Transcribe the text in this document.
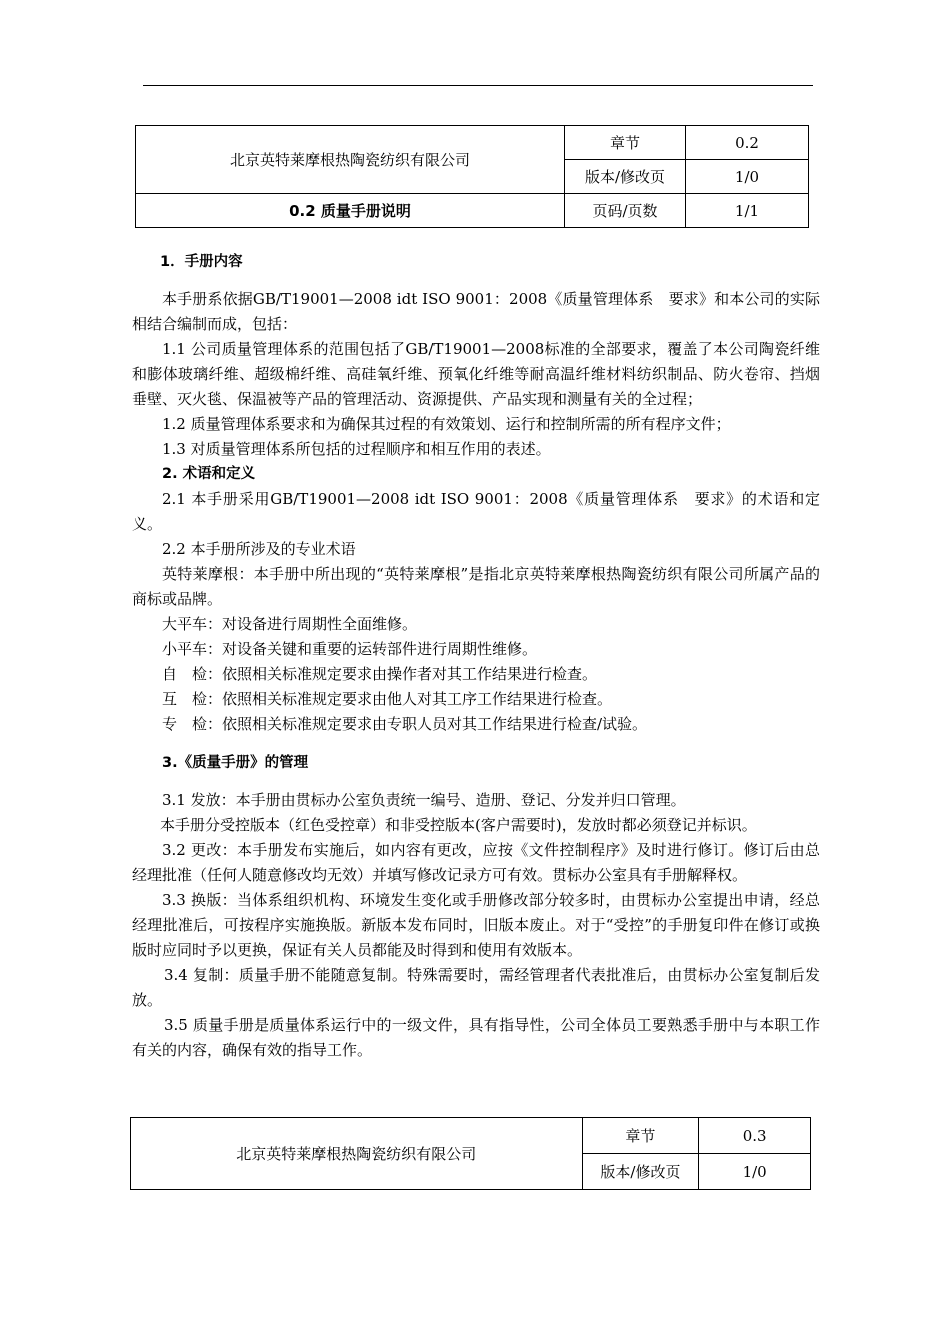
北京英特莱摩根热陶瓷纺织有限公司	章节	0.2
	版本/修改页	1/0
0.2 质量手册说明	页码/页数	1/1

1．手册内容

本手册系依据GB/T19001—2008 idt ISO 9001：2008《质量管理体系　要求》和本公司的实际相结合编制而成，包括：

1.1 公司质量管理体系的范围包括了GB/T19001—2008标准的全部要求，覆盖了本公司陶瓷纤维和膨体玻璃纤维、超级棉纤维、高硅氧纤维、预氧化纤维等耐高温纤维材料纺织制品、防火卷帘、挡烟垂壁、灭火毯、保温被等产品的管理活动、资源提供、产品实现和测量有关的全过程；

1.2 质量管理体系要求和为确保其过程的有效策划、运行和控制所需的所有程序文件；

1.3 对质量管理体系所包括的过程顺序和相互作用的表述。

2. 术语和定义

2.1 本手册采用GB/T19001—2008 idt ISO 9001：2008《质量管理体系　要求》的术语和定义。

2.2 本手册所涉及的专业术语

英特莱摩根：本手册中所出现的“英特莱摩根”是指北京英特莱摩根热陶瓷纺织有限公司所属产品的商标或品牌。

大平车：对设备进行周期性全面维修。

小平车：对设备关键和重要的运转部件进行周期性维修。

自　检：依照相关标准规定要求由操作者对其工作结果进行检查。

互　检：依照相关标准规定要求由他人对其工序工作结果进行检查。

专　检：依照相关标准规定要求由专职人员对其工作结果进行检查/试验。

3.《质量手册》的管理

3.1 发放：本手册由贯标办公室负责统一编号、造册、登记、分发并归口管理。

本手册分受控版本（红色受控章）和非受控版本(客户需要时)，发放时都必须登记并标识。

3.2 更改：本手册发布实施后，如内容有更改，应按《文件控制程序》及时进行修订。修订后由总经理批准（任何人随意修改均无效）并填写修改记录方可有效。贯标办公室具有手册解释权。

3.3 换版：当体系组织机构、环境发生变化或手册修改部分较多时，由贯标办公室提出申请，经总经理批准后，可按程序实施换版。新版本发布同时，旧版本废止。对于“受控”的手册复印件在修订或换版时应同时予以更换，保证有关人员都能及时得到和使用有效版本。

3.4 复制：质量手册不能随意复制。特殊需要时，需经管理者代表批准后，由贯标办公室复制后发放。

3.5 质量手册是质量体系运行中的一级文件，具有指导性，公司全体员工要熟悉手册中与本职工作有关的内容，确保有效的指导工作。

北京英特莱摩根热陶瓷纺织有限公司	章节	0.3
	版本/修改页	1/0
